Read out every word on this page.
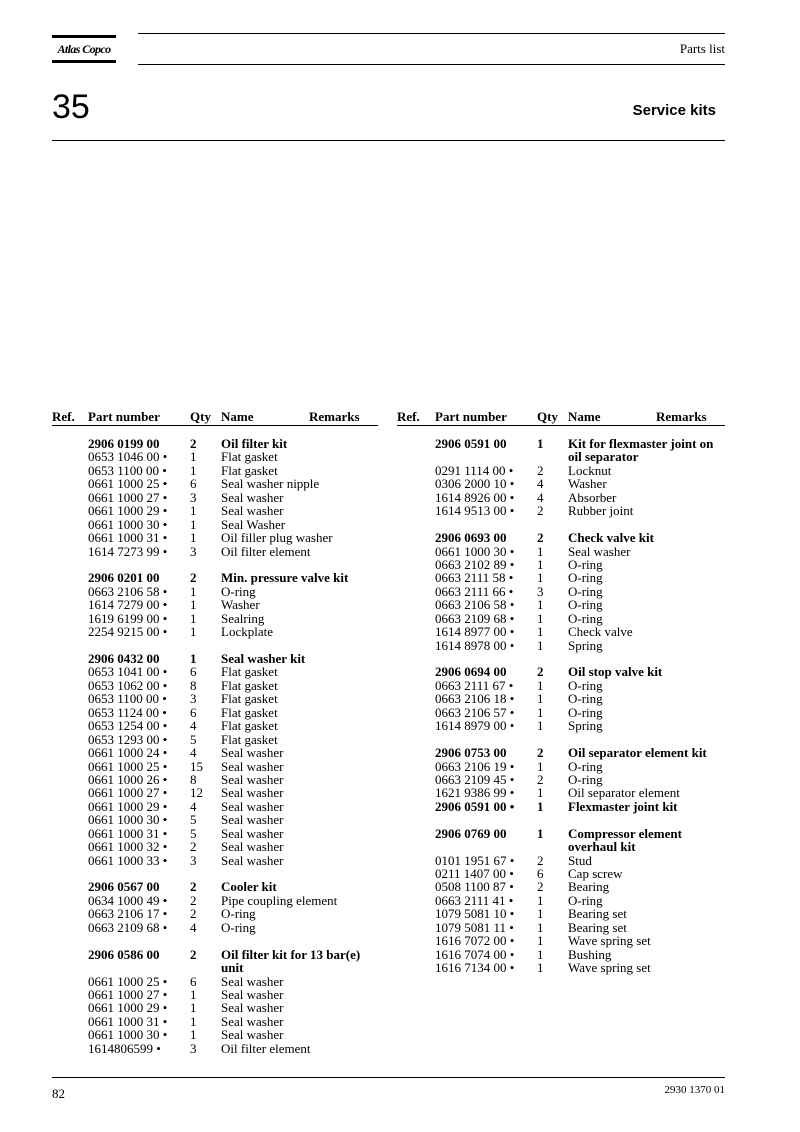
Atlas Copco	Parts list
35	Service kits
Ref. Part number Qty Name	Remarks	Ref. Part number Qty Name	Remarks
2906 0199 00 2 Oil filter kit
0653 1046 00 • 1 Flat gasket
0653 1100 00 • 1 Flat gasket
0661 1000 25 • 6 Seal washer nipple
0661 1000 27 • 3 Seal washer
0661 1000 29 • 1 Seal washer
0661 1000 30 • 1 Seal Washer
0661 1000 31 • 1 Oil filler plug washer
1614 7273 99 • 3 Oil filter element
2906 0201 00 2 Min. pressure valve kit
0663 2106 58 • 1 O-ring
1614 7279 00 • 1 Washer
1619 6199 00 • 1 Sealring
2254 9215 00 • 1 Lockplate
2906 0432 00 1 Seal washer kit
0653 1041 00 • 6 Flat gasket
0653 1062 00 • 8 Flat gasket
0653 1100 00 • 3 Flat gasket
0653 1124 00 • 6 Flat gasket
0653 1254 00 • 4 Flat gasket
0653 1293 00 • 5 Flat gasket
0661 1000 24 • 4 Seal washer
0661 1000 25 • 15 Seal washer
0661 1000 26 • 8 Seal washer
0661 1000 27 • 12 Seal washer
0661 1000 29 • 4 Seal washer
0661 1000 30 • 5 Seal washer
0661 1000 31 • 5 Seal washer
0661 1000 32 • 2 Seal washer
0661 1000 33 • 3 Seal washer
2906 0567 00 2 Cooler kit
0634 1000 49 • 2 Pipe coupling element
0663 2106 17 • 2 O-ring
0663 2109 68 • 4 O-ring
2906 0586 00 2 Oil filter kit for 13 bar(e)
unit
0661 1000 25 • 6 Seal washer
0661 1000 27 • 1 Seal washer
0661 1000 29 • 1 Seal washer
0661 1000 31 • 1 Seal washer
0661 1000 30 • 1 Seal washer
1614806599 • 3 Oil filter element
2906 0591 00 1 Kit for flexmaster joint on
oil separator
0291 1114 00 • 2 Locknut
0306 2000 10 • 4 Washer
1614 8926 00 • 4 Absorber
1614 9513 00 • 2 Rubber joint
2906 0693 00 2 Check valve kit
0661 1000 30 • 1 Seal washer
0663 2102 89 • 1 O-ring
0663 2111 58 • 1 O-ring
0663 2111 66 • 3 O-ring
0663 2106 58 • 1 O-ring
0663 2109 68 • 1 O-ring
1614 8977 00 • 1 Check valve
1614 8978 00 • 1 Spring
2906 0694 00 2 Oil stop valve kit
0663 2111 67 • 1 O-ring
0663 2106 18 • 1 O-ring
0663 2106 57 • 1 O-ring
1614 8979 00 • 1 Spring
2906 0753 00 2 Oil separator element kit
0663 2106 19 • 1 O-ring
0663 2109 45 • 2 O-ring
1621 9386 99 • 1 Oil separator element
2906 0591 00 • 1 Flexmaster joint kit
2906 0769 00 1 Compressor element
overhaul kit
0101 1951 67 • 2 Stud
0211 1407 00 • 6 Cap screw
0508 1100 87 • 2 Bearing
0663 2111 41 • 1 O-ring
1079 5081 10 • 1 Bearing set
1079 5081 11 • 1 Bearing set
1616 7072 00 • 1 Wave spring set
1616 7074 00 • 1 Bushing
1616 7134 00 • 1 Wave spring set
82	2930 1370 01
